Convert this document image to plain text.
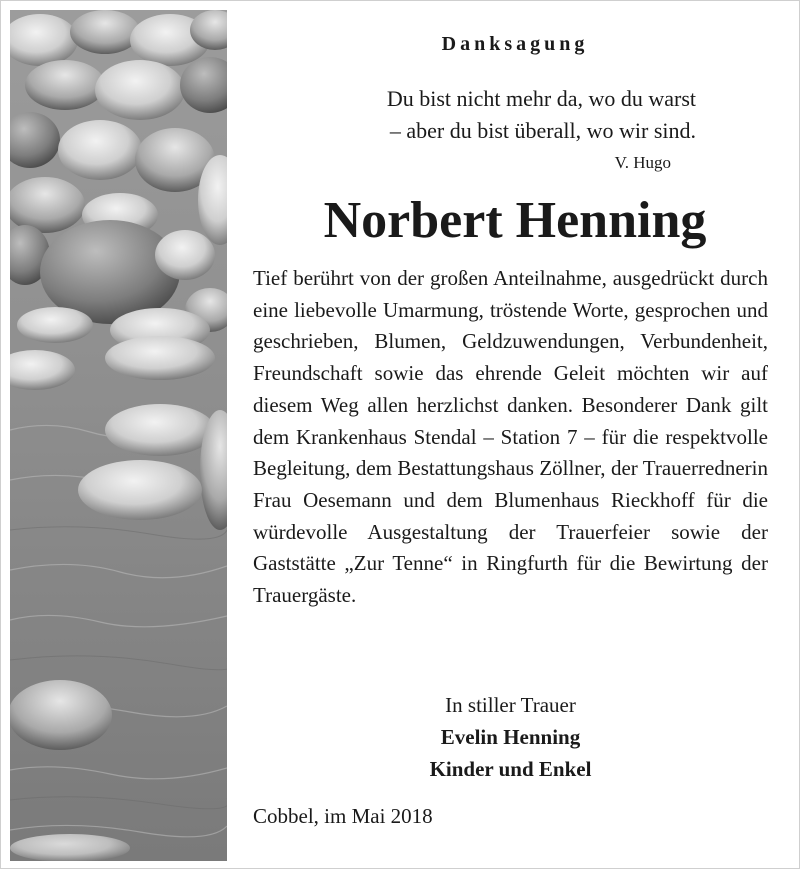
Danksagung
Du bist nicht mehr da, wo du warst
– aber du bist überall, wo wir sind.
V. Hugo
Norbert Henning
Tief berührt von der großen Anteilnahme, ausgedrückt durch eine liebevolle Umarmung, tröstende Worte, gesprochen und geschrieben, Blumen, Geldzuwendungen, Verbundenheit, Freundschaft sowie das ehrende Geleit möchten wir auf diesem Weg allen herzlichst danken. Besonderer Dank gilt dem Krankenhaus Stendal – Station 7 – für die respektvolle Begleitung, dem Bestattungshaus Zöllner, der Trauerrednerin Frau Oesemann und dem Blumenhaus Rieckhoff für die würdevolle Ausgestaltung der Trauerfeier sowie der Gaststätte „Zur Tenne“ in Ringfurth für die Bewirtung der Trauergäste.
In stiller Trauer
Evelin Henning
Kinder und Enkel
Cobbel, im Mai 2018
